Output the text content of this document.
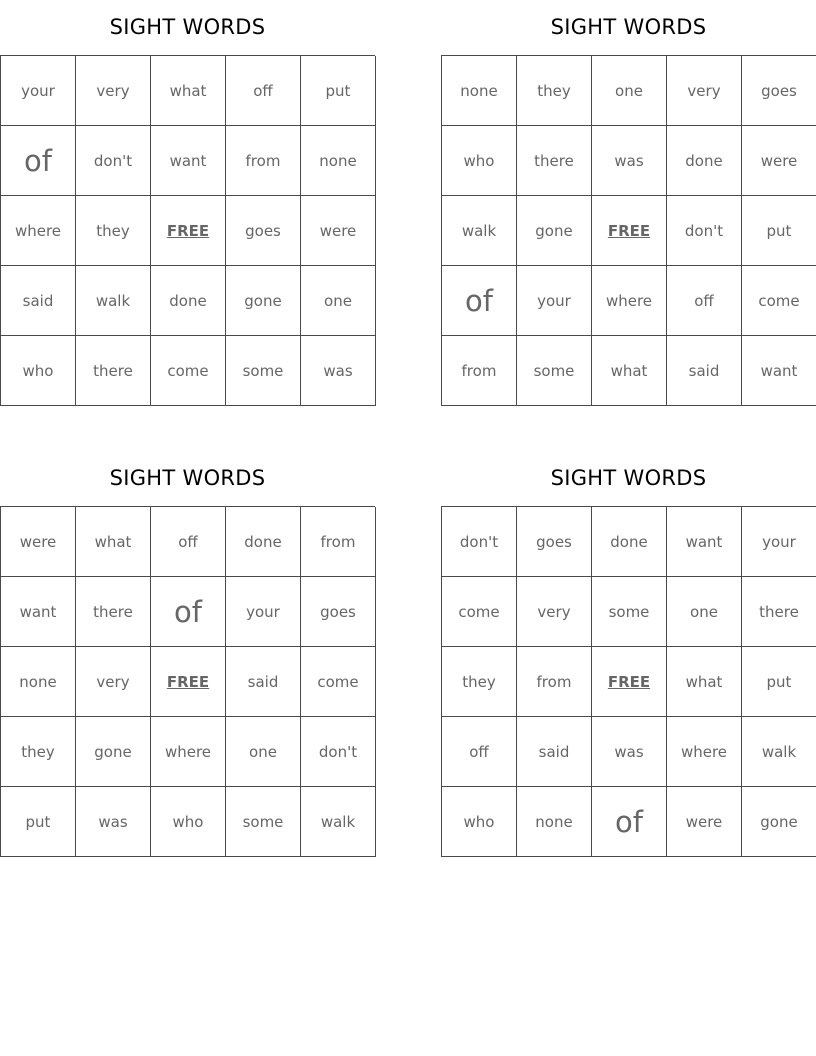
SIGHT WORDS
your	very	what	off	put
of	don't	want	from	none
where	they	FREE	goes	were
said	walk	done	gone	one
who	there	come	some	was
SIGHT WORDS
none	they	one	very	goes
who	there	was	done	were
walk	gone	FREE	don't	put
of	your	where	off	come
from	some	what	said	want
SIGHT WORDS
were	what	off	done	from
want	there	of	your	goes
none	very	FREE	said	come
they	gone	where	one	don't
put	was	who	some	walk
SIGHT WORDS
don't	goes	done	want	your
come	very	some	one	there
they	from	FREE	what	put
off	said	was	where	walk
who	none	of	were	gone
